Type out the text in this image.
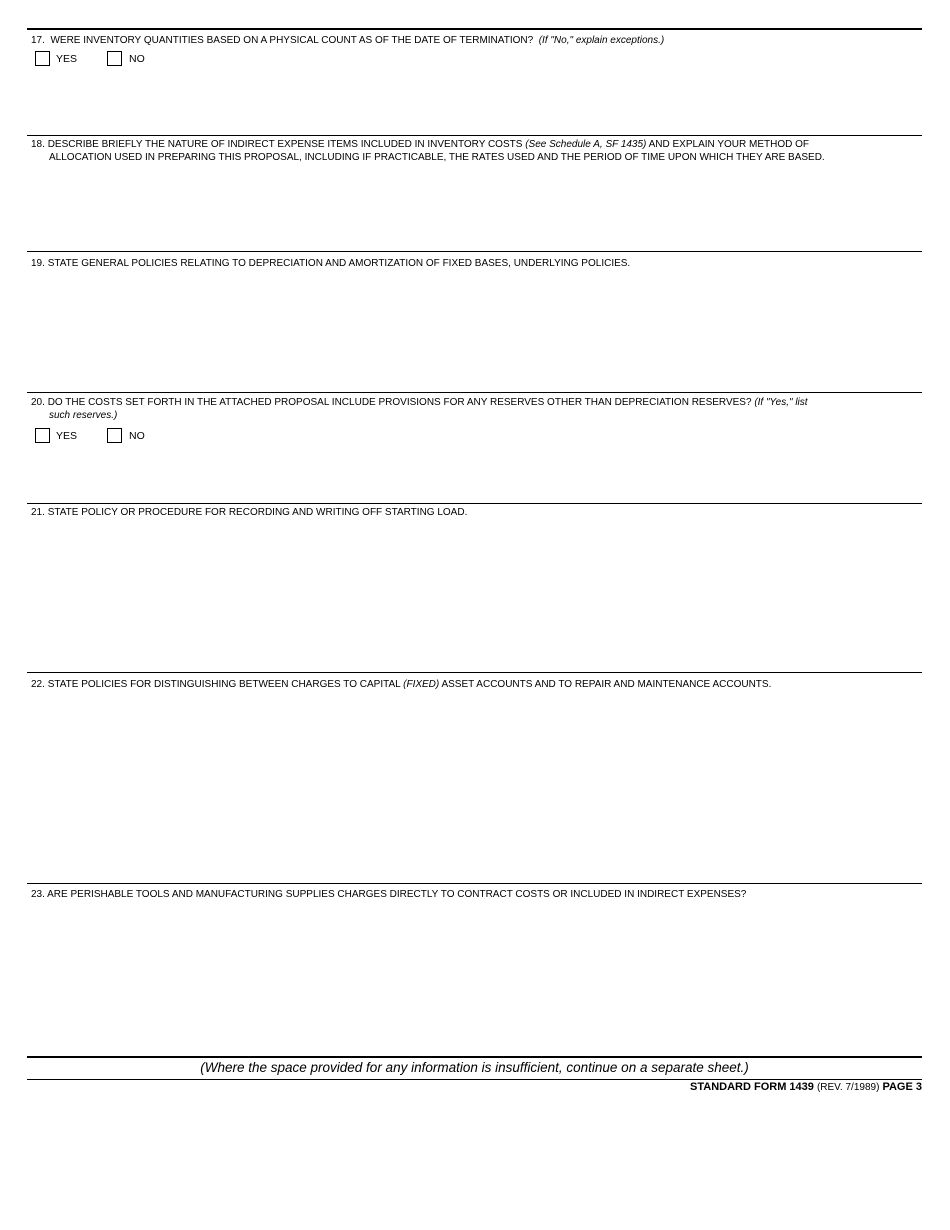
17. WERE INVENTORY QUANTITIES BASED ON A PHYSICAL COUNT AS OF THE DATE OF TERMINATION? (If "No," explain exceptions.)
YES	NO
18. DESCRIBE BRIEFLY THE NATURE OF INDIRECT EXPENSE ITEMS INCLUDED IN INVENTORY COSTS (See Schedule A, SF 1435) AND EXPLAIN YOUR METHOD OF
ALLOCATION USED IN PREPARING THIS PROPOSAL, INCLUDING IF PRACTICABLE, THE RATES USED AND THE PERIOD OF TIME UPON WHICH THEY ARE BASED.
19. STATE GENERAL POLICIES RELATING TO DEPRECIATION AND AMORTIZATION OF FIXED BASES, UNDERLYING POLICIES.
20. DO THE COSTS SET FORTH IN THE ATTACHED PROPOSAL INCLUDE PROVISIONS FOR ANY RESERVES OTHER THAN DEPRECIATION RESERVES? (If "Yes," list
such reserves.)
YES	NO
21. STATE POLICY OR PROCEDURE FOR RECORDING AND WRITING OFF STARTING LOAD.
22. STATE POLICIES FOR DISTINGUISHING BETWEEN CHARGES TO CAPITAL (FIXED) ASSET ACCOUNTS AND TO REPAIR AND MAINTENANCE ACCOUNTS.
23. ARE PERISHABLE TOOLS AND MANUFACTURING SUPPLIES CHARGES DIRECTLY TO CONTRACT COSTS OR INCLUDED IN INDIRECT EXPENSES?
(Where the space provided for any information is insufficient, continue on a separate sheet.)
STANDARD FORM 1439 (REV. 7/1989) PAGE 3
